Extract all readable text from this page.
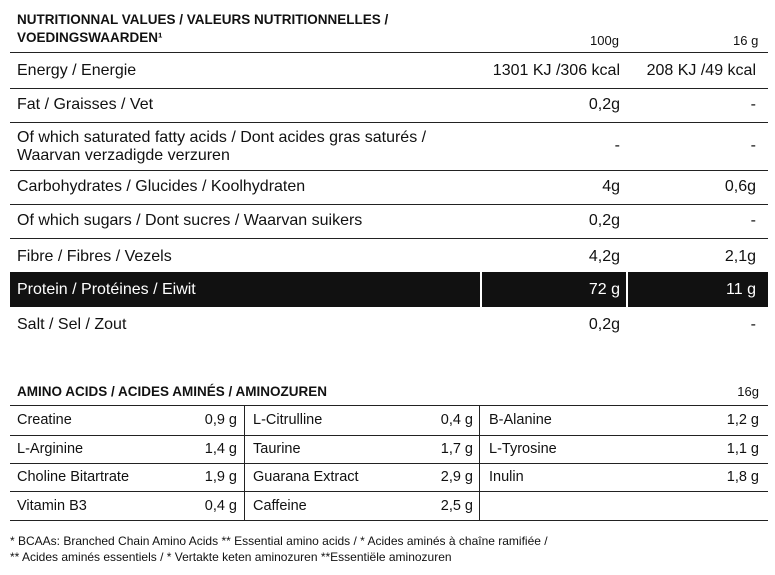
NUTRITIONNAL VALUES / VALEURS NUTRITIONNELLES /
VOEDINGSWAARDEN¹	100g	16 g
Energy / Energie	1301 KJ /306 kcal 208 KJ /49 kcal
Fat / Graisses / Vet	0,2g	-
Of which saturated fatty acids / Dont acides gras saturés /
Waarvan verzadigde verzuren
-	-
Carbohydrates / Glucides / Koolhydraten	4g	0,6g
Of which sugars / Dont sucres / Waarvan suikers	0,2g	-
Fibre / Fibres / Vezels	4,2g	2,1g
Protein / Protéines / Eiwit	72 g	11 g
Salt / Sel / Zout	0,2g	-
AMINO ACIDS / ACIDES AMINÉS / AMINOZUREN	16g
Creatine	0,9 g L-Citrulline	0,4 g B-Alanine	1,2 g
L-Arginine	1,4 g Taurine	1,7 g L-Tyrosine	1,1 g
Choline Bitartrate	1,9 g Guarana Extract	2,9 g Inulin	1,8 g
Vitamin B3	0,4 g Caffeine	2,5 g
* BCAAs: Branched Chain Amino Acids ** Essential amino acids / * Acides aminés à chaîne ramifiée /
** Acides aminés essentiels / * Vertakte keten aminozuren **Essentiële aminozuren
